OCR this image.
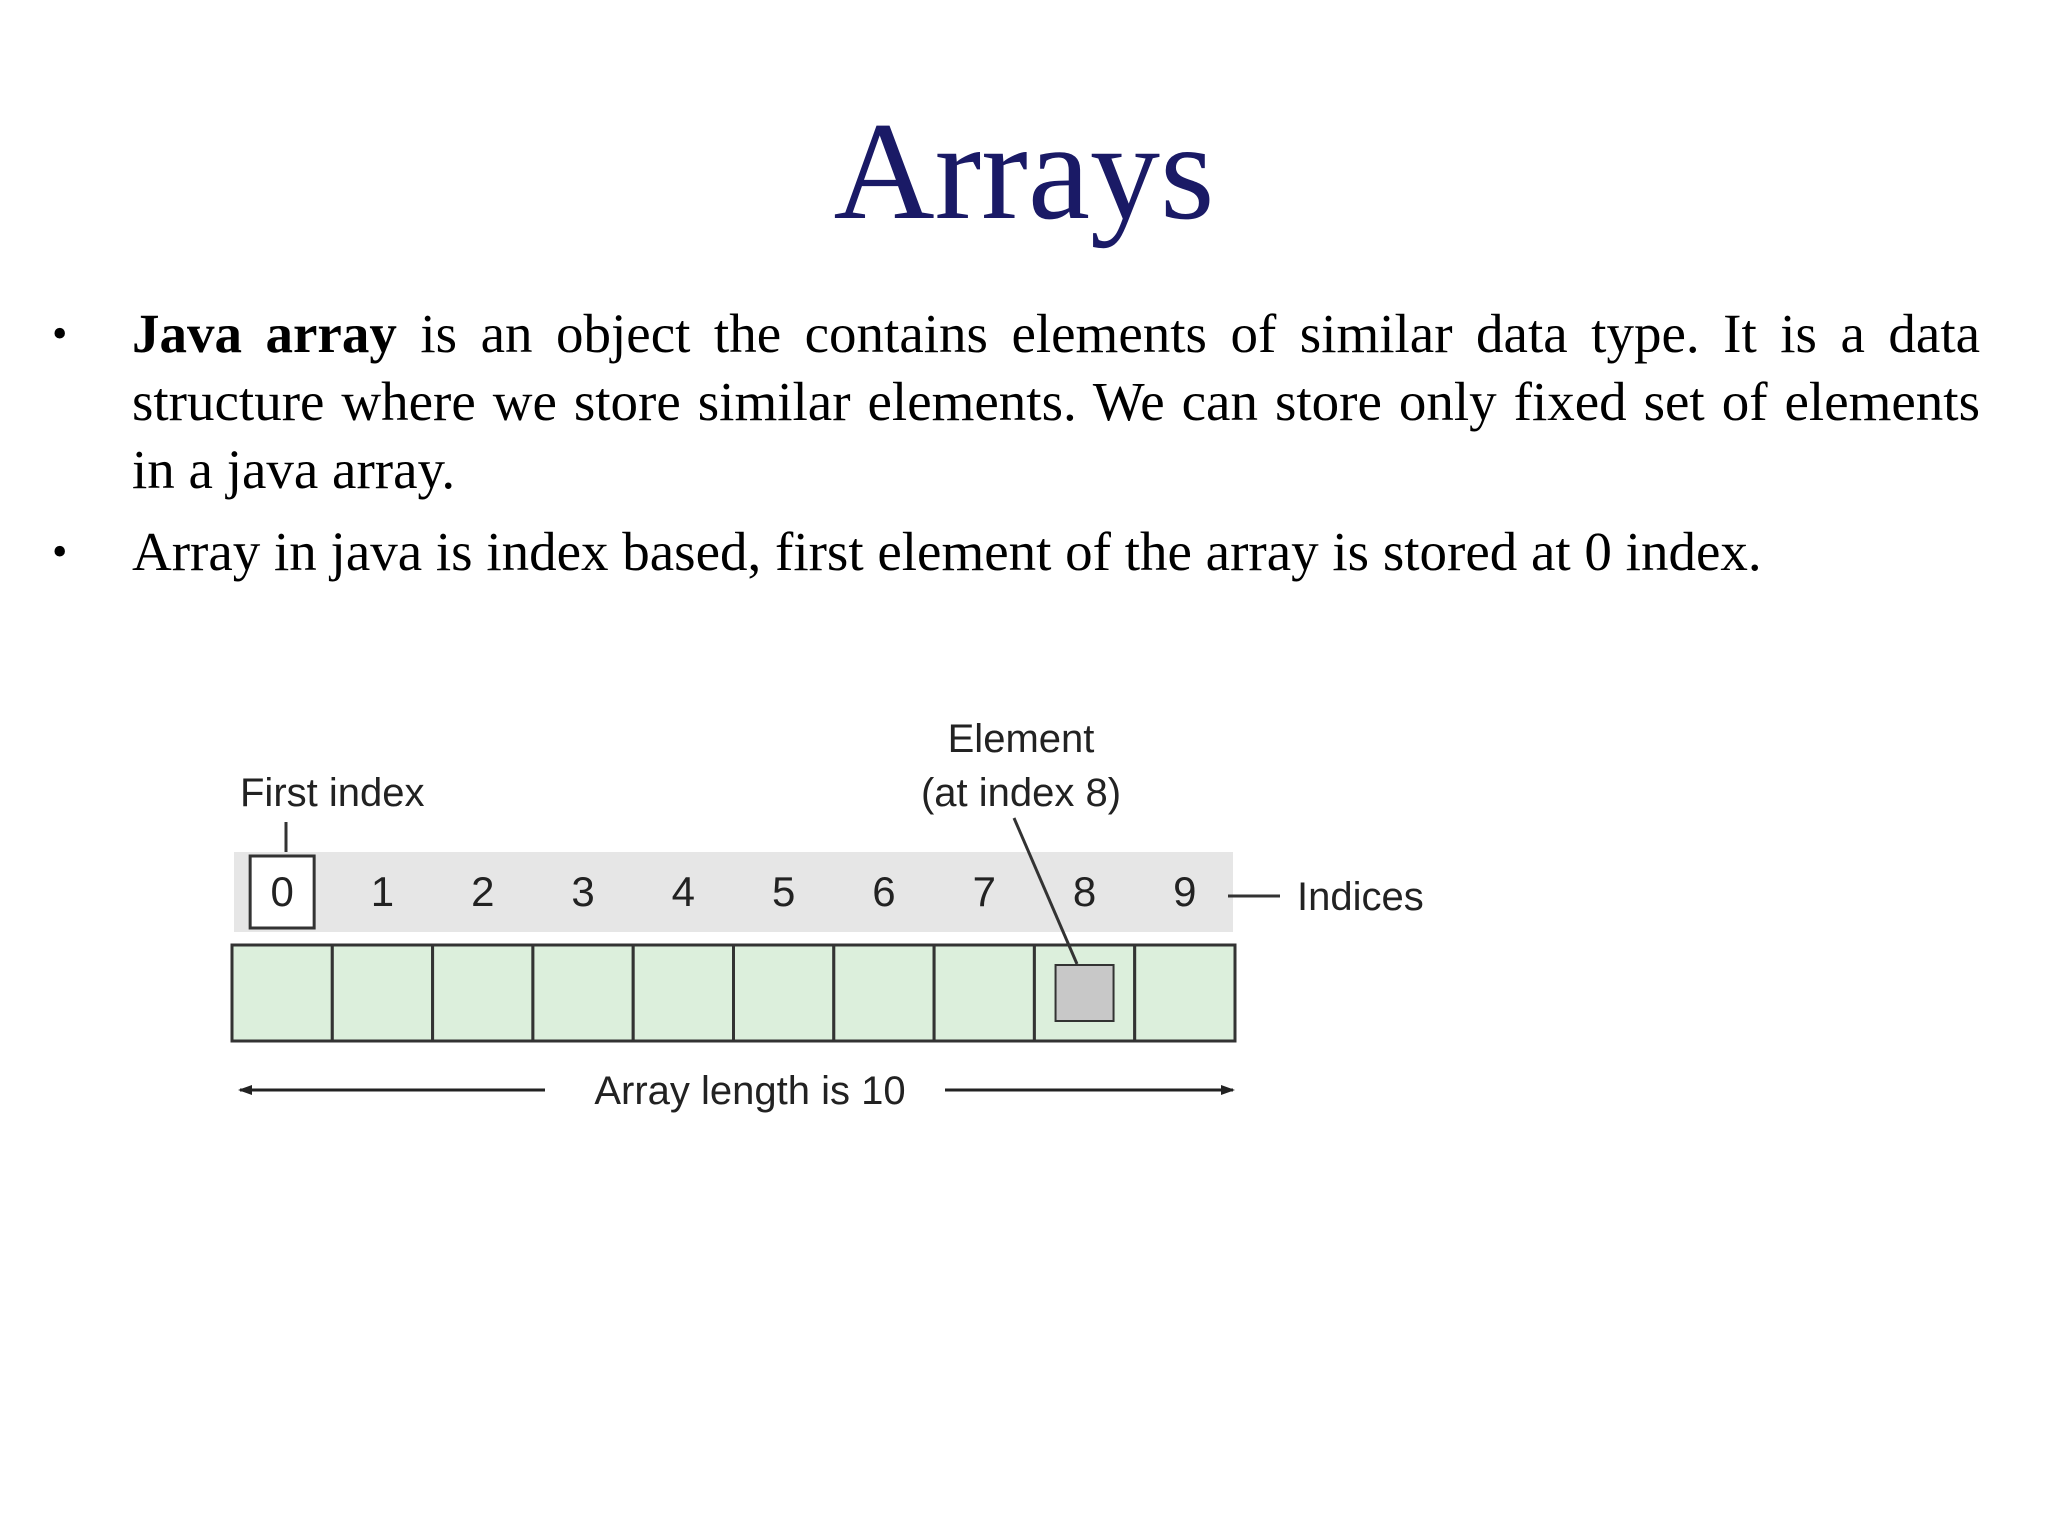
Arrays
• Java array is an object the contains elements of similar data type. It is a data structure where we store similar elements. We can store only fixed set of elements in a java array.
• Array in java is index based, first element of the array is stored at 0 index.
First index
Element
(at index 8)
0 1 2 3 4 5 6 7 8 9	Indices
Array length is 10
